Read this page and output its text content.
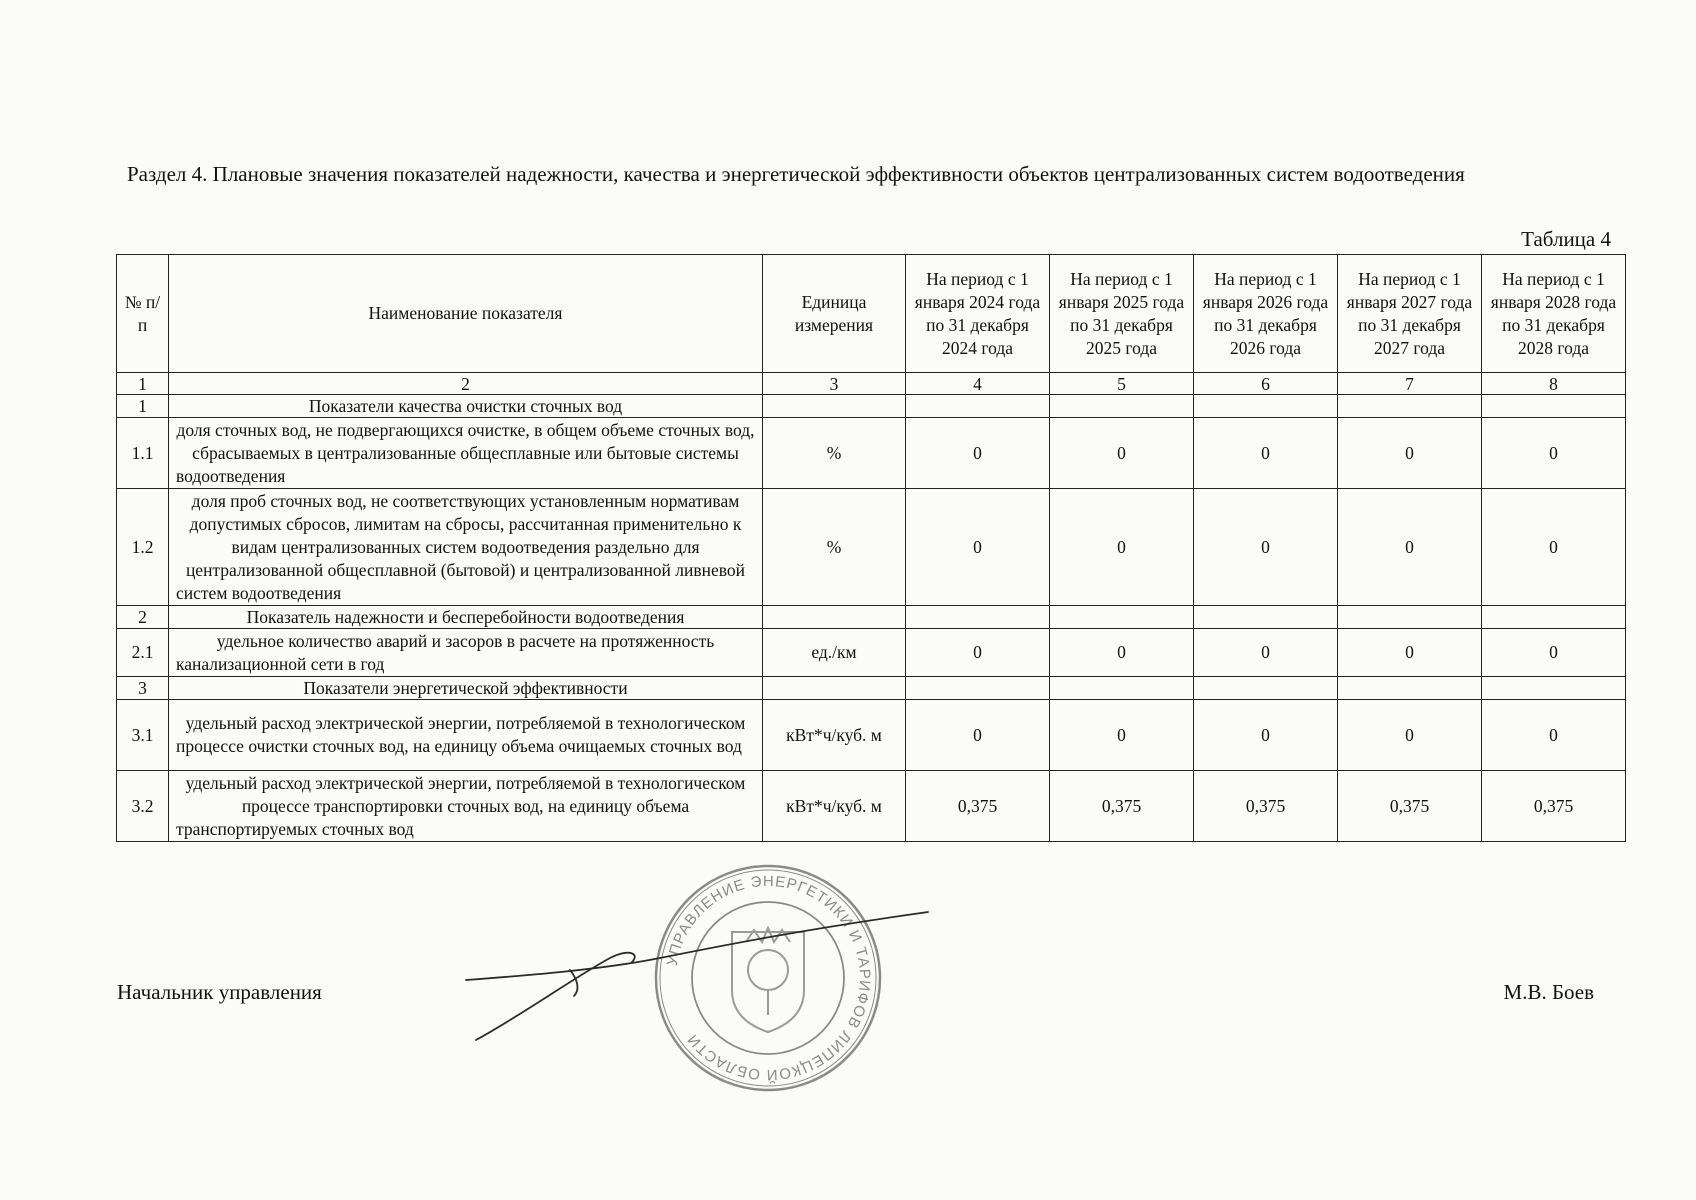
Раздел 4. Плановые значения показателей надежности, качества и энергетической эффективности объектов централизованных систем водоотведения
Таблица 4
№ п/п	Наименование показателя	Единица измерения	На период с 1 января 2024 года по 31 декабря 2024 года	На период с 1 января 2025 года по 31 декабря 2025 года	На период с 1 января 2026 года по 31 декабря 2026 года	На период с 1 января 2027 года по 31 декабря 2027 года	На период с 1 января 2028 года по 31 декабря 2028 года
1	2	3	4	5	6	7	8
1	Показатели качества очистки сточных вод						
1.1	доля сточных вод, не подвергающихся очистке, в общем объеме сточных вод, сбрасываемых в централизованные общесплавные или бытовые системы водоотведения	%	0	0	0	0	0
1.2	доля проб сточных вод, не соответствующих установленным нормативам допустимых сбросов, лимитам на сбросы, рассчитанная применительно к видам централизованных систем водоотведения раздельно для централизованной общесплавной (бытовой) и централизованной ливневой систем водоотведения	%	0	0	0	0	0
2	Показатель надежности и бесперебойности водоотведения						
2.1	удельное количество аварий и засоров в расчете на протяженность канализационной сети в год	ед./км	0	0	0	0	0
3	Показатели энергетической эффективности						
3.1	удельный расход электрической энергии, потребляемой в технологическом процессе очистки сточных вод, на единицу объема очищаемых сточных вод	кВт*ч/куб. м	0	0	0	0	0
3.2	удельный расход электрической энергии, потребляемой в технологическом процессе транспортировки сточных вод, на единицу объема транспортируемых сточных вод	кВт*ч/куб. м	0,375	0,375	0,375	0,375	0,375
Начальник управления	М.В. Боев
УПРАВЛЕНИЕ ЭНЕРГЕТИКИ И ТАРИФОВ ЛИПЕЦКОЙ ОБЛАСТИ
